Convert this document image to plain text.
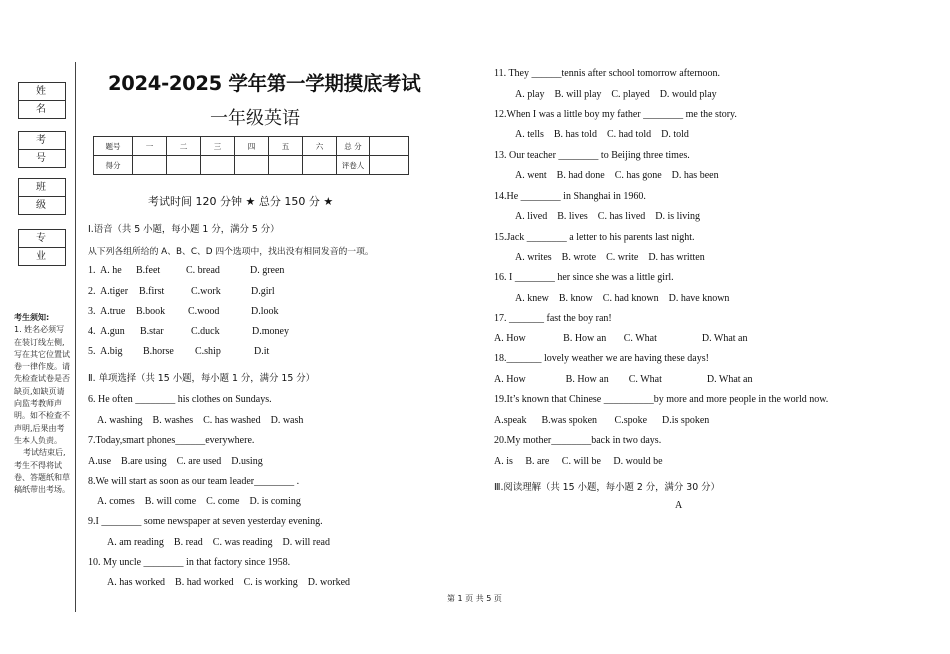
姓 名
考 号
班 级
专 业

考生须知:

1. 姓名必须写在装订线左侧,写在其它位置试卷一律作废。请先检查试卷是否缺页,如缺页请向监考教师声明。如不检查不声明,后果由考生本人负责。

考试结束后,考生不得将试卷、答题纸和草稿纸带出考场。

2024-2025 学年第一学期摸底考试
一年级英语
题号	一	二	三	四	五	六	总 分	
得分							评卷人	
考试时间 120 分钟 ★ 总分 150 分 ★
Ⅰ.语音（共 5 小题，每小题 1 分，满分 5 分）
从下列各组所给的 A、B、C、D 四个选项中，找出没有相同发音的一项。
1. A. he B.feet	C. bread	D. green
2. A.tiger B.first	C.work	D.girl
3. A.true B.book C.wood	D.look
4. A.gun B.star	C.duck	D.money
5. A.big B.horse C.ship	D.it
Ⅱ. 单项选择（共 15 小题，每小题 1 分，满分 15 分）
6. He often ________ his clothes on Sundays.
A. washing    B. washes    C. has washed    D. wash
7.Today,smart phones______everywhere.
A.use    B.are using    C. are used    D.using
8.We will start as soon as our team leader________ .
A. comes    B. will come    C. come    D. is coming
9.I ________ some newspaper at seven yesterday evening.
A. am reading    B. read    C. was reading    D. will read
10. My uncle ________ in that factory since 1958.
A. has worked    B. had worked    C. is working    D. worked
11. They ______tennis after school tomorrow afternoon.
A. play    B. will play    C. played    D. would play
12.When I was a little boy my father ________ me the story.
A. tells    B. has told    C. had told    D. told
13. Our teacher ________ to Beijing three times.
A. went    B. had done    C. has gone    D. has been
14.He ________ in Shanghai in 1960.
A. lived    B. lives    C. has lived    D. is living
15.Jack ________ a letter to his parents last night.
A. writes    B. wrote    C. write    D. has written
16. I ________ her since she was a little girl.
A. knew    B. know    C. had known    D. have known
17. _______ fast the boy ran!
A. How               B. How an       C. What                  D. What an
18._______ lovely weather we are having these days!
A. How                B. How an        C. What                  D. What an
19.It’s known that Chinese __________by more and more people in the world now.
A.speak      B.was spoken       C.spoke      D.is spoken
20.My mother________back in two days.
A. is     B. are     C. will be     D. would be
Ⅲ.阅读理解（共 15 小题，每小题 2 分，满分 30 分）
A
第 1 页 共 5 页
